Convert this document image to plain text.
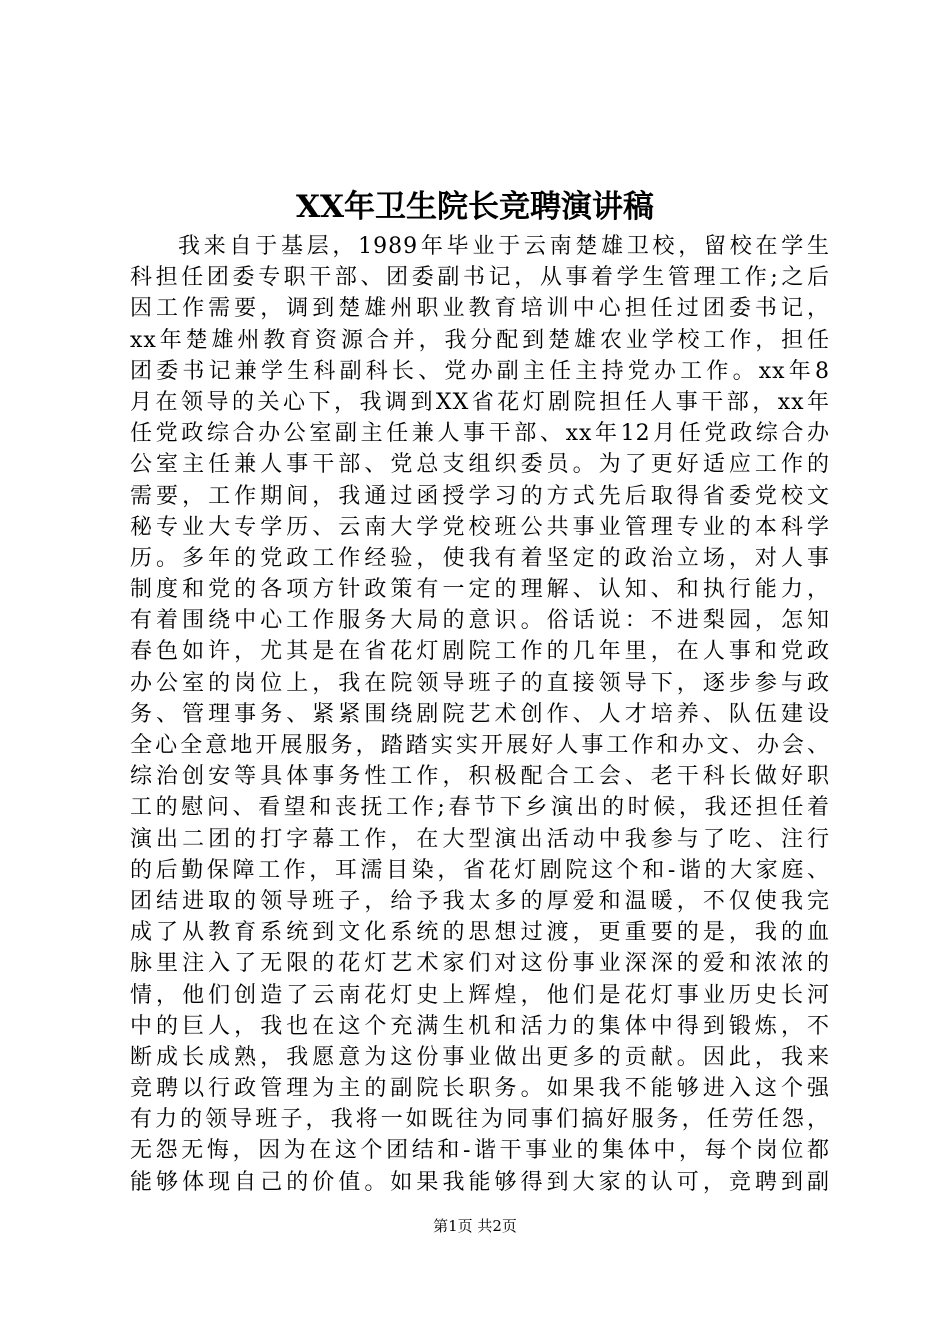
XX年卫生院长竞聘演讲稿
我来自于基层，1989年毕业于云南楚雄卫校，留校在学生
科担任团委专职干部、团委副书记，从事着学生管理工作;之后
因工作需要，调到楚雄州职业教育培训中心担任过团委书记，
xx年楚雄州教育资源合并，我分配到楚雄农业学校工作，担任
团委书记兼学生科副科长、党办副主任主持党办工作。xx年8
月在领导的关心下，我调到XX省花灯剧院担任人事干部，xx年
任党政综合办公室副主任兼人事干部、xx年12月任党政综合办
公室主任兼人事干部、党总支组织委员。为了更好适应工作的
需要，工作期间，我通过函授学习的方式先后取得省委党校文
秘专业大专学历、云南大学党校班公共事业管理专业的本科学
历。多年的党政工作经验，使我有着坚定的政治立场，对人事
制度和党的各项方针政策有一定的理解、认知、和执行能力，
有着围绕中心工作服务大局的意识。俗话说：不进梨园，怎知
春色如许，尤其是在省花灯剧院工作的几年里，在人事和党政
办公室的岗位上，我在院领导班子的直接领导下，逐步参与政
务、管理事务、紧紧围绕剧院艺术创作、人才培养、队伍建设
全心全意地开展服务，踏踏实实开展好人事工作和办文、办会、
综治创安等具体事务性工作，积极配合工会、老干科长做好职
工的慰问、看望和丧抚工作;春节下乡演出的时候，我还担任着
演出二团的打字幕工作，在大型演出活动中我参与了吃、注行
的后勤保障工作，耳濡目染，省花灯剧院这个和-谐的大家庭、
团结进取的领导班子，给予我太多的厚爱和温暖，不仅使我完
成了从教育系统到文化系统的思想过渡，更重要的是，我的血
脉里注入了无限的花灯艺术家们对这份事业深深的爱和浓浓的
情，他们创造了云南花灯史上辉煌，他们是花灯事业历史长河
中的巨人，我也在这个充满生机和活力的集体中得到锻炼，不
断成长成熟，我愿意为这份事业做出更多的贡献。因此，我来
竞聘以行政管理为主的副院长职务。如果我不能够进入这个强
有力的领导班子，我将一如既往为同事们搞好服务，任劳任怨，
无怨无悔，因为在这个团结和-谐干事业的集体中，每个岗位都
能够体现自己的价值。如果我能够得到大家的认可，竞聘到副
第1页 共2页
